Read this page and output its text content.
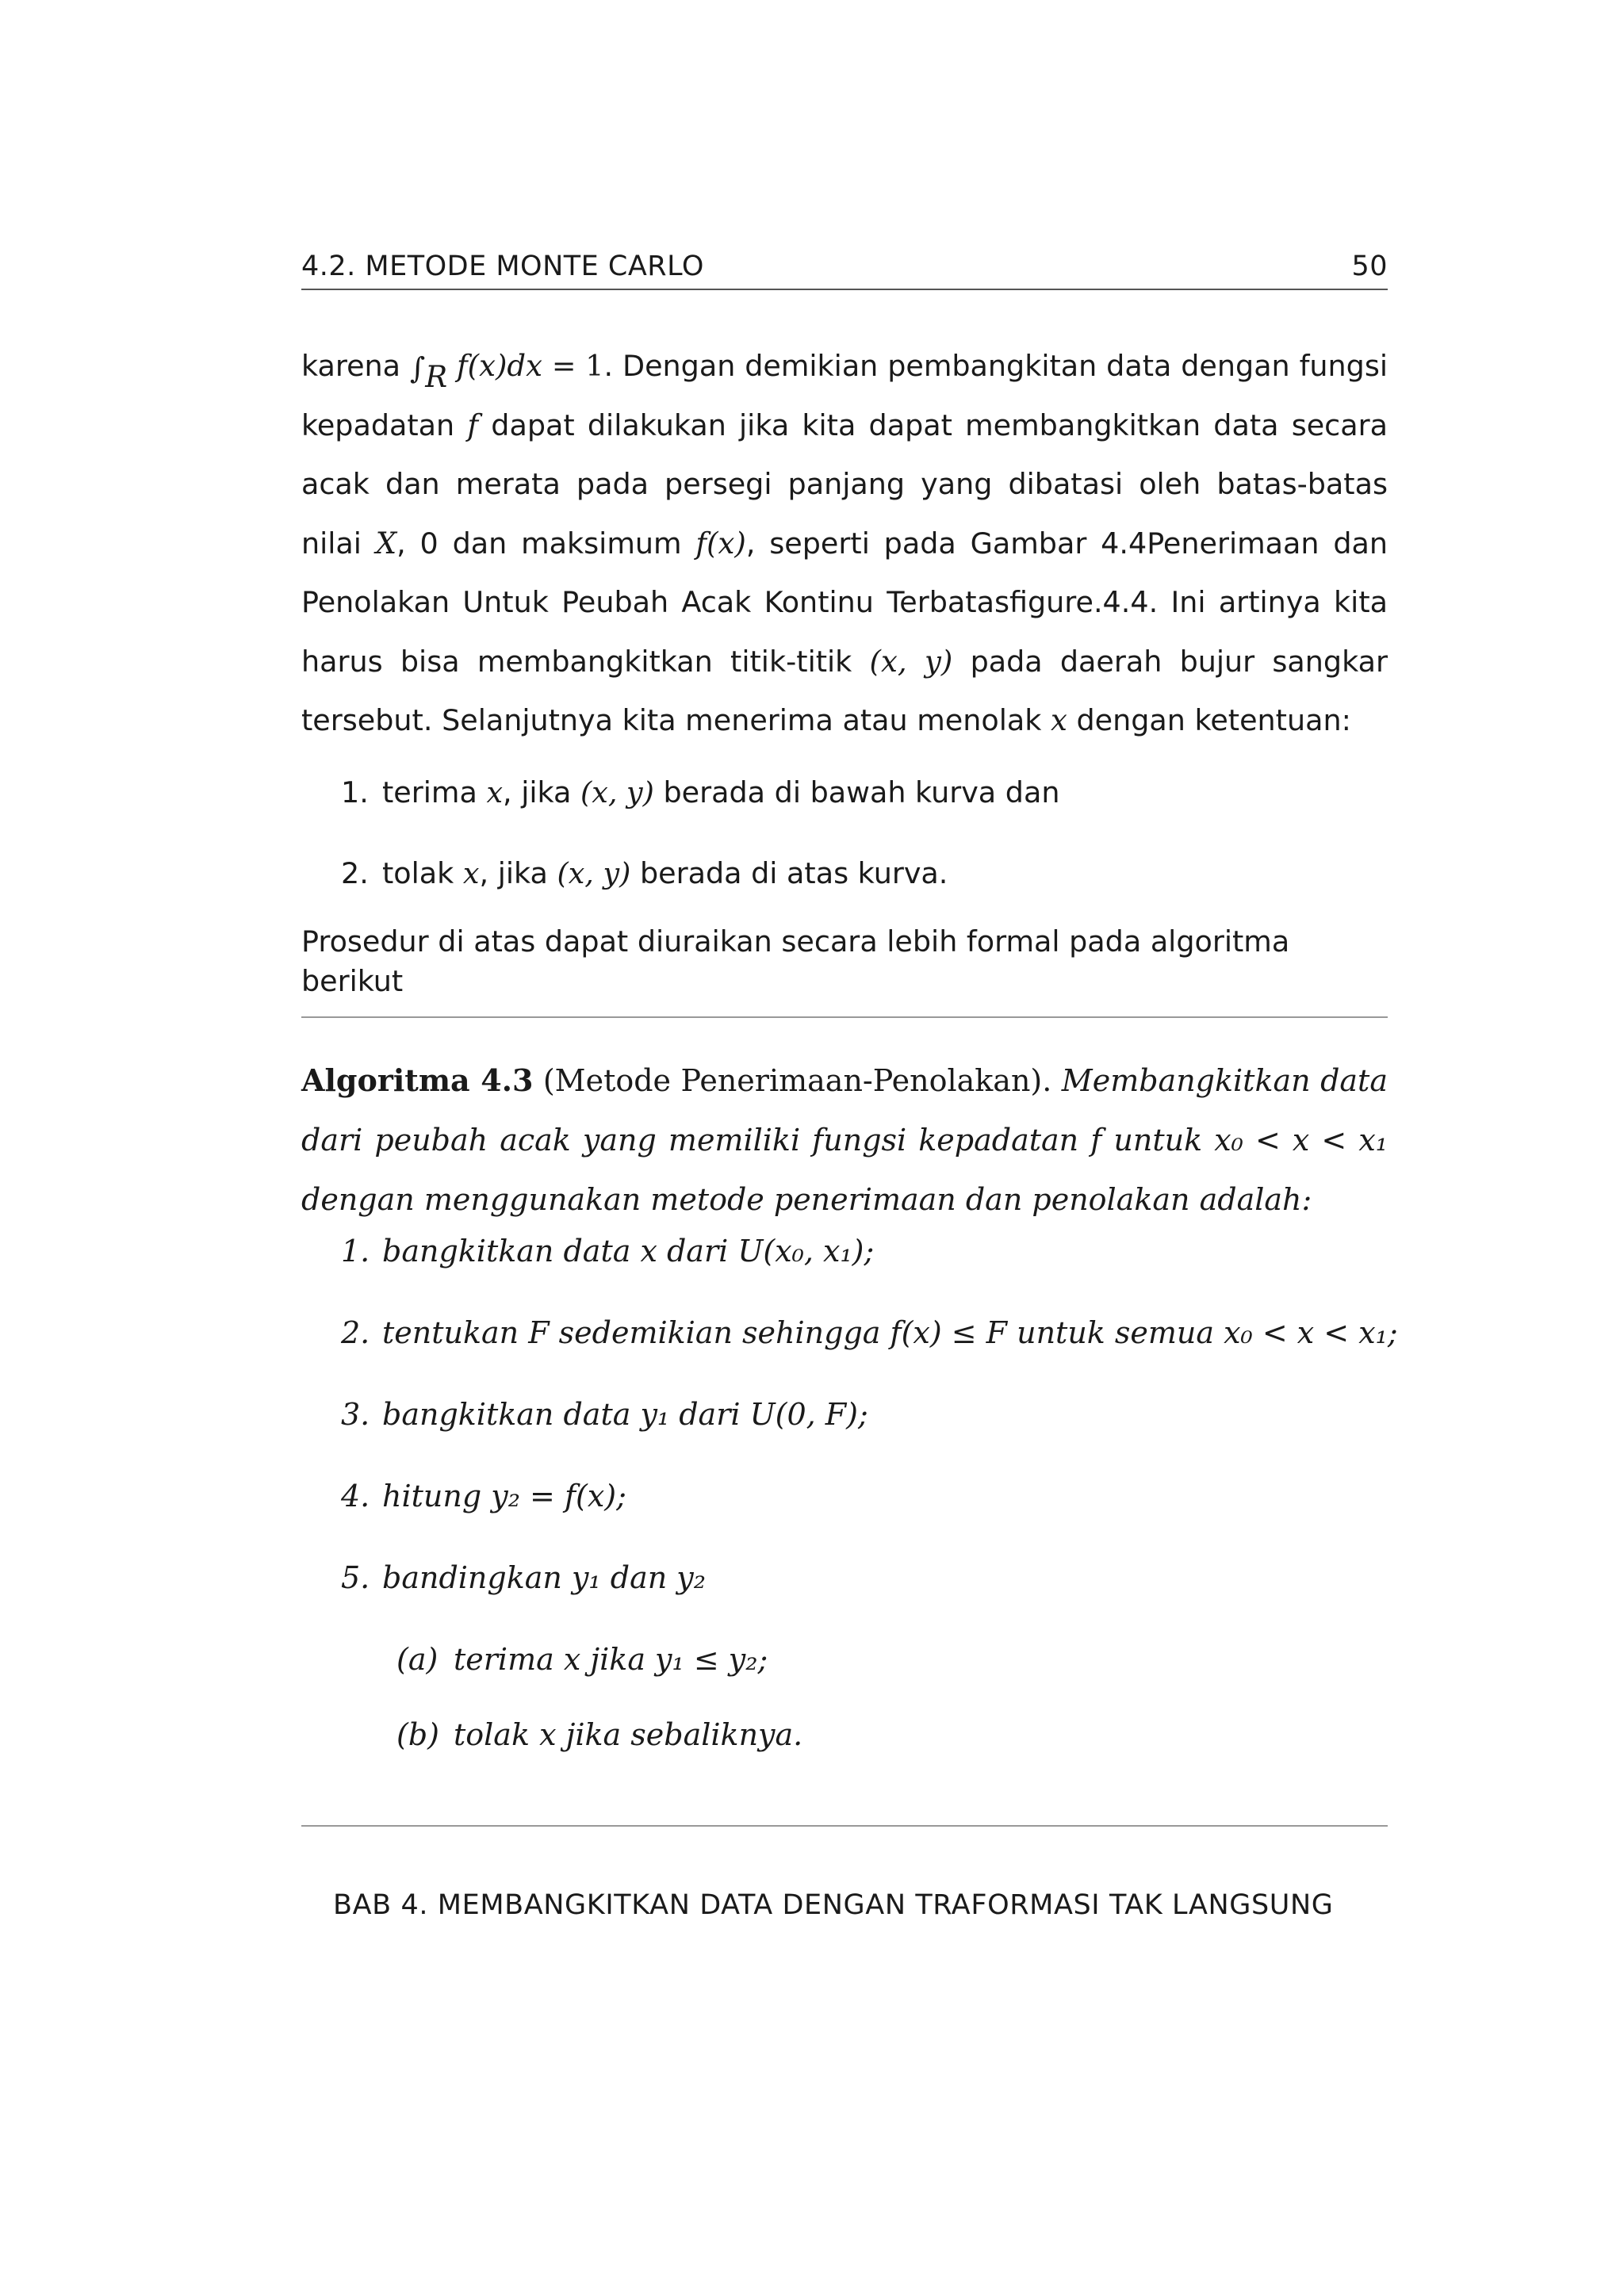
4.2. METODE MONTE CARLO	50
karena ∫R f(x)dx = 1. Dengan demikian pembangkitan data dengan fungsi kepadatan f dapat dilakukan jika kita dapat membangkitkan data secara acak dan merata pada persegi panjang yang dibatasi oleh batas-batas nilai X, 0 dan maksimum f(x), seperti pada Gambar 4.4Penerimaan dan Penolakan Untuk Peubah Acak Kontinu Terbatasfigure.4.4. Ini artinya kita harus bisa membangkitkan titik-titik (x, y) pada daerah bujur sangkar tersebut. Selanjutnya kita menerima atau menolak x dengan ketentuan:
1. terima x, jika (x, y) berada di bawah kurva dan
2. tolak x, jika (x, y) berada di atas kurva.
Prosedur di atas dapat diuraikan secara lebih formal pada algoritma berikut
Algoritma 4.3 (Metode Penerimaan-Penolakan). Membangkitkan data dari peubah acak yang memiliki fungsi kepadatan f untuk x₀ < x < x₁ dengan menggunakan metode penerimaan dan penolakan adalah:
1. bangkitkan data x dari U(x₀, x₁);
2. tentukan F sedemikian sehingga f(x) ≤ F untuk semua x₀ < x < x₁;
3. bangkitkan data y₁ dari U(0, F);
4. hitung y₂ = f(x);
5. bandingkan y₁ dan y₂
(a) terima x jika y₁ ≤ y₂;
(b) tolak x jika sebaliknya.
BAB 4. MEMBANGKITKAN DATA DENGAN TRAFORMASI TAK LANGSUNG
